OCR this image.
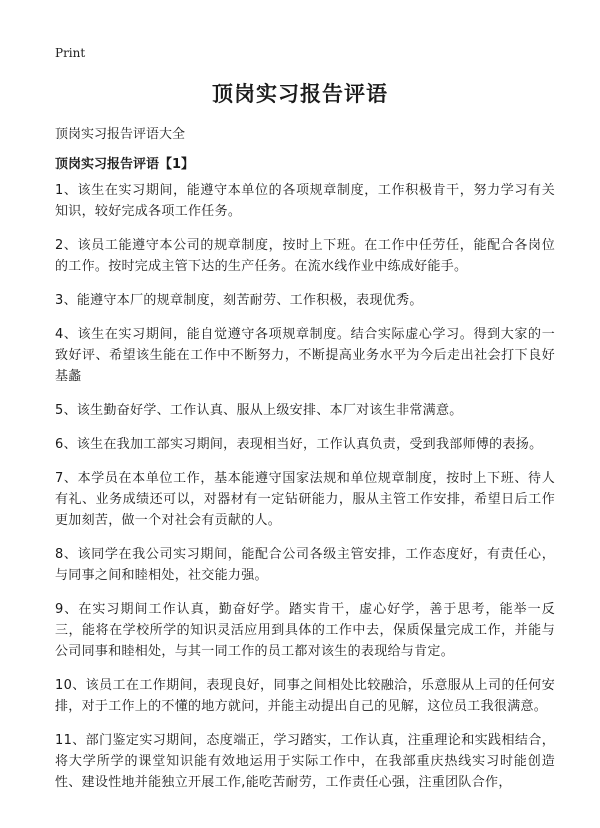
Print
顶岗实习报告评语

顶岗实习报告评语大全

顶岗实习报告评语【1】
1、该生在实习期间，能遵守本单位的各项规章制度，工作积极肯干，努力学习有关知识，较好完成各项工作任务。
2、该员工能遵守本公司的规章制度，按时上下班。在工作中任劳任，能配合各岗位的工作。按时完成主管下达的生产任务。在流水线作业中练成好能手。
3、能遵守本厂的规章制度，刻苦耐劳、工作积极，表现优秀。
4、该生在实习期间，能自觉遵守各项规章制度。结合实际虚心学习。得到大家的一致好评、希望该生能在工作中不断努力，不断提高业务水平为今后走出社会打下良好基蠡
5、该生勤奋好学、工作认真、服从上级安排、本厂对该生非常满意。
6、该生在我加工部实习期间，表现相当好，工作认真负责，受到我部师傅的表扬。
7、本学员在本单位工作，基本能遵守国家法规和单位规章制度，按时上下班、待人有礼、业务成绩还可以，对器材有一定钻研能力，服从主管工作安排，希望日后工作更加刻苦，做一个对社会有贡献的人。
8、该同学在我公司实习期间，能配合公司各级主管安排，工作态度好，有责任心，与同事之间和睦相处，社交能力强。
9、在实习期间工作认真，勤奋好学。踏实肯干，虚心好学，善于思考，能举一反三，能将在学校所学的知识灵活应用到具体的工作中去，保质保量完成工作，并能与公司同事和睦相处，与其一同工作的员工都对该生的表现给与肯定。
10、该员工在工作期间，表现良好，同事之间相处比较融洽，乐意服从上司的任何安排，对于工作上的不懂的地方就问，并能主动提出自己的见解，这位员工我很满意。
11、部门鉴定实习期间，态度端正，学习踏实，工作认真，注重理论和实践相结合，将大学所学的课堂知识能有效地运用于实际工作中，在我部重庆热线实习时能创造性、建设性地并能独立开展工作,能吃苦耐劳，工作责任心强，注重团队合作，
